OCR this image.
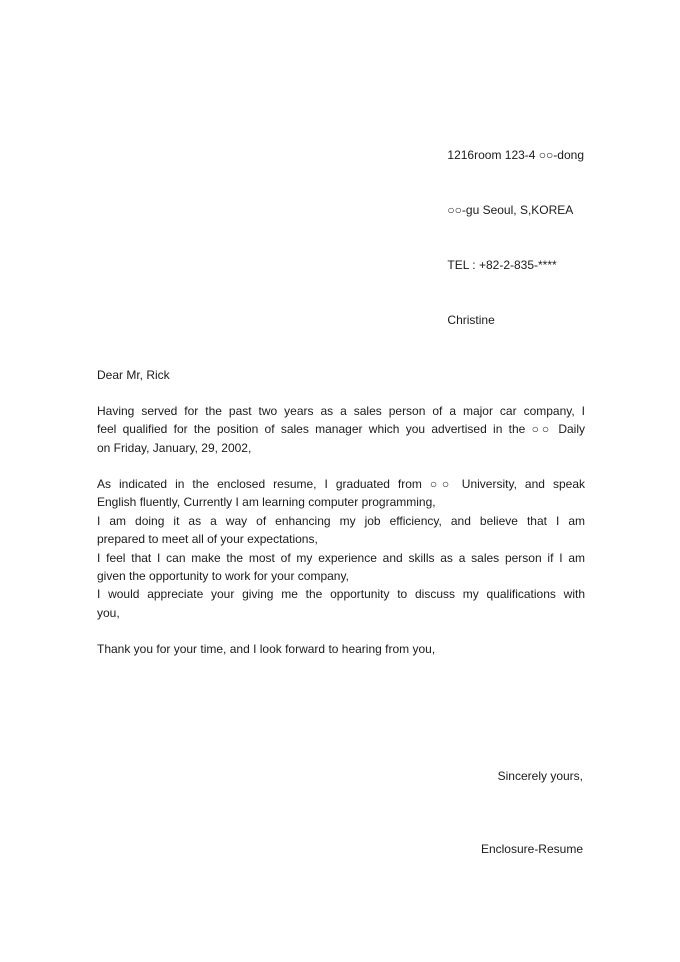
1216room 123-4 ○○-dong

○○-gu Seoul, S,KOREA

TEL : +82-2-835-****

Christine

Dear Mr, Rick
Having served for the past two years as a sales person of a major car company, I
feel qualified for the position of sales manager which you advertised in the ○○ Daily
on Friday, January, 29, 2002,
As indicated in the enclosed resume, I graduated from ○○ University, and speak
English fluently, Currently I am learning computer programming,
I am doing it as a way of enhancing my job efficiency, and believe that I am
prepared to meet all of your expectations,
I feel that I can make the most of my experience and skills as a sales person if I am
given the opportunity to work for your company,
I would appreciate your giving me the opportunity to discuss my qualifications with
you,
Thank you for your time, and I look forward to hearing from you,
Sincerely yours,
Enclosure-Resume
